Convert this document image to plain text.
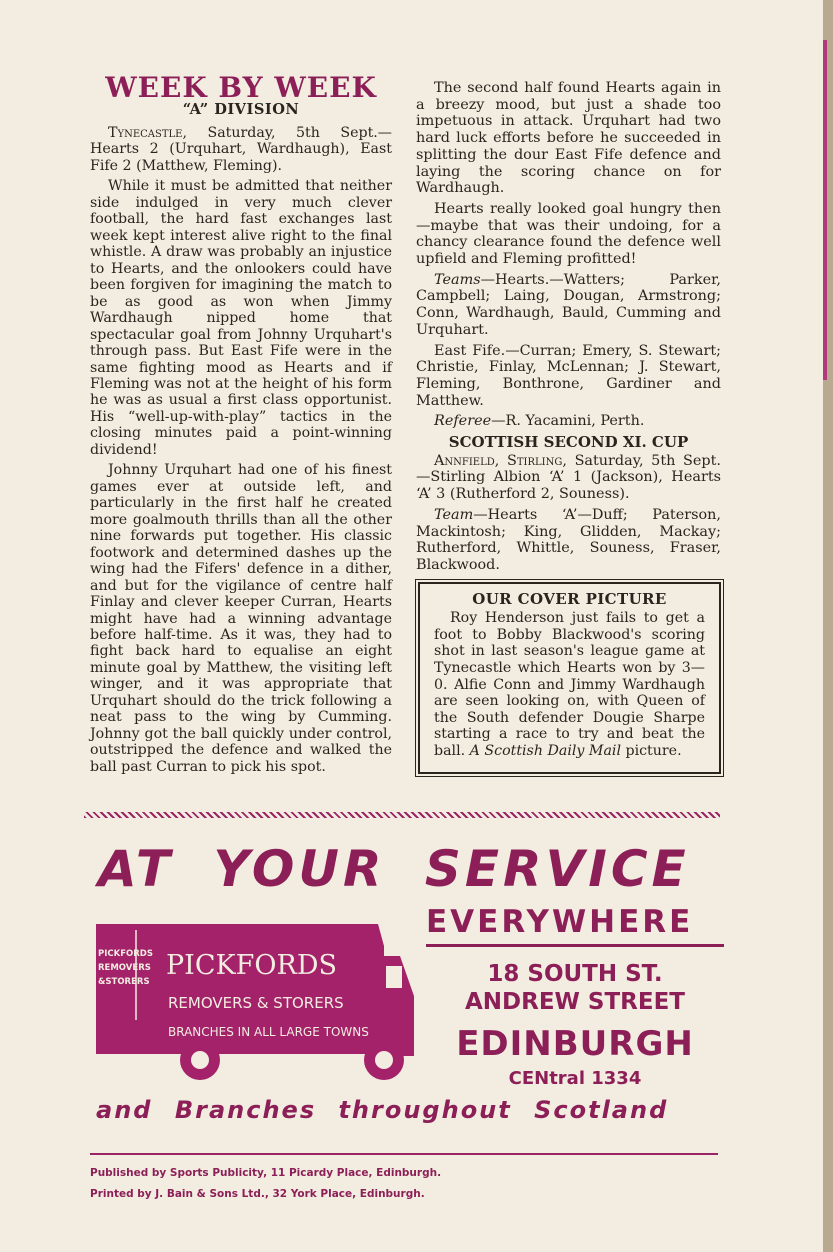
WEEK BY WEEK
“A” DIVISION

Tynecastle, Saturday, 5th Sept.—Hearts 2 (Urquhart, Wardhaugh), East Fife 2 (Matthew, Fleming).

While it must be admitted that neither side indulged in very much clever football, the hard fast exchanges last week kept interest alive right to the final whistle. A draw was probably an injustice to Hearts, and the onlookers could have been forgiven for imagining the match to be as good as won when Jimmy Wardhaugh nipped home that spectacular goal from Johnny Urquhart's through pass. But East Fife were in the same fighting mood as Hearts and if Fleming was not at the height of his form he was as usual a first class opportunist. His “well-up-with-play” tactics in the closing minutes paid a point-winning dividend!

Johnny Urquhart had one of his finest games ever at outside left, and particularly in the first half he created more goalmouth thrills than all the other nine forwards put together. His classic footwork and determined dashes up the wing had the Fifers' defence in a dither, and but for the vigilance of centre half Finlay and clever keeper Curran, Hearts might have had a winning advantage before half-time. As it was, they had to fight back hard to equalise an eight minute goal by Matthew, the visiting left winger, and it was appropriate that Urquhart should do the trick following a neat pass to the wing by Cumming. Johnny got the ball quickly under control, outstripped the defence and walked the ball past Curran to pick his spot.

The second half found Hearts again in a breezy mood, but just a shade too impetuous in attack. Urquhart had two hard luck efforts before he succeeded in splitting the dour East Fife defence and laying the scoring chance on for Wardhaugh.

Hearts really looked goal hungry then—maybe that was their undoing, for a chancy clearance found the defence well upfield and Fleming profitted!

Teams—Hearts.—Watters; Parker, Campbell; Laing, Dougan, Armstrong; Conn, Wardhaugh, Bauld, Cumming and Urquhart.

East Fife.—Curran; Emery, S. Stewart; Christie, Finlay, McLennan; J. Stewart, Fleming, Bonthrone, Gardiner and Matthew.

Referee—R. Yacamini, Perth.

SCOTTISH SECOND XI. CUP

Annfield, Stirling, Saturday, 5th Sept.—Stirling Albion ‘A’ 1 (Jackson), Hearts ‘A’ 3 (Rutherford 2, Souness).

Team—Hearts ‘A’—Duff; Paterson, Mackintosh; King, Glidden, Mackay; Rutherford, Whittle, Souness, Fraser, Blackwood.

OUR COVER PICTURE

Roy Henderson just fails to get a foot to Bobby Blackwood's scoring shot in last season's league game at Tynecastle which Hearts won by 3—0. Alfie Conn and Jimmy Wardhaugh are seen looking on, with Queen of the South defender Dougie Sharpe starting a race to try and beat the ball. A Scottish Daily Mail picture.

AT YOUR SERVICE
PICKFORDS
REMOVERS
&STORERS
PICKFORDS
REMOVERS & STORERS
BRANCHES IN ALL LARGE TOWNS
EVERYWHERE
18 SOUTH ST.
ANDREW STREET
EDINBURGH
CENtral 1334
and Branches throughout Scotland
Published by Sports Publicity, 11 Picardy Place, Edinburgh.
Printed by J. Bain & Sons Ltd., 32 York Place, Edinburgh.
